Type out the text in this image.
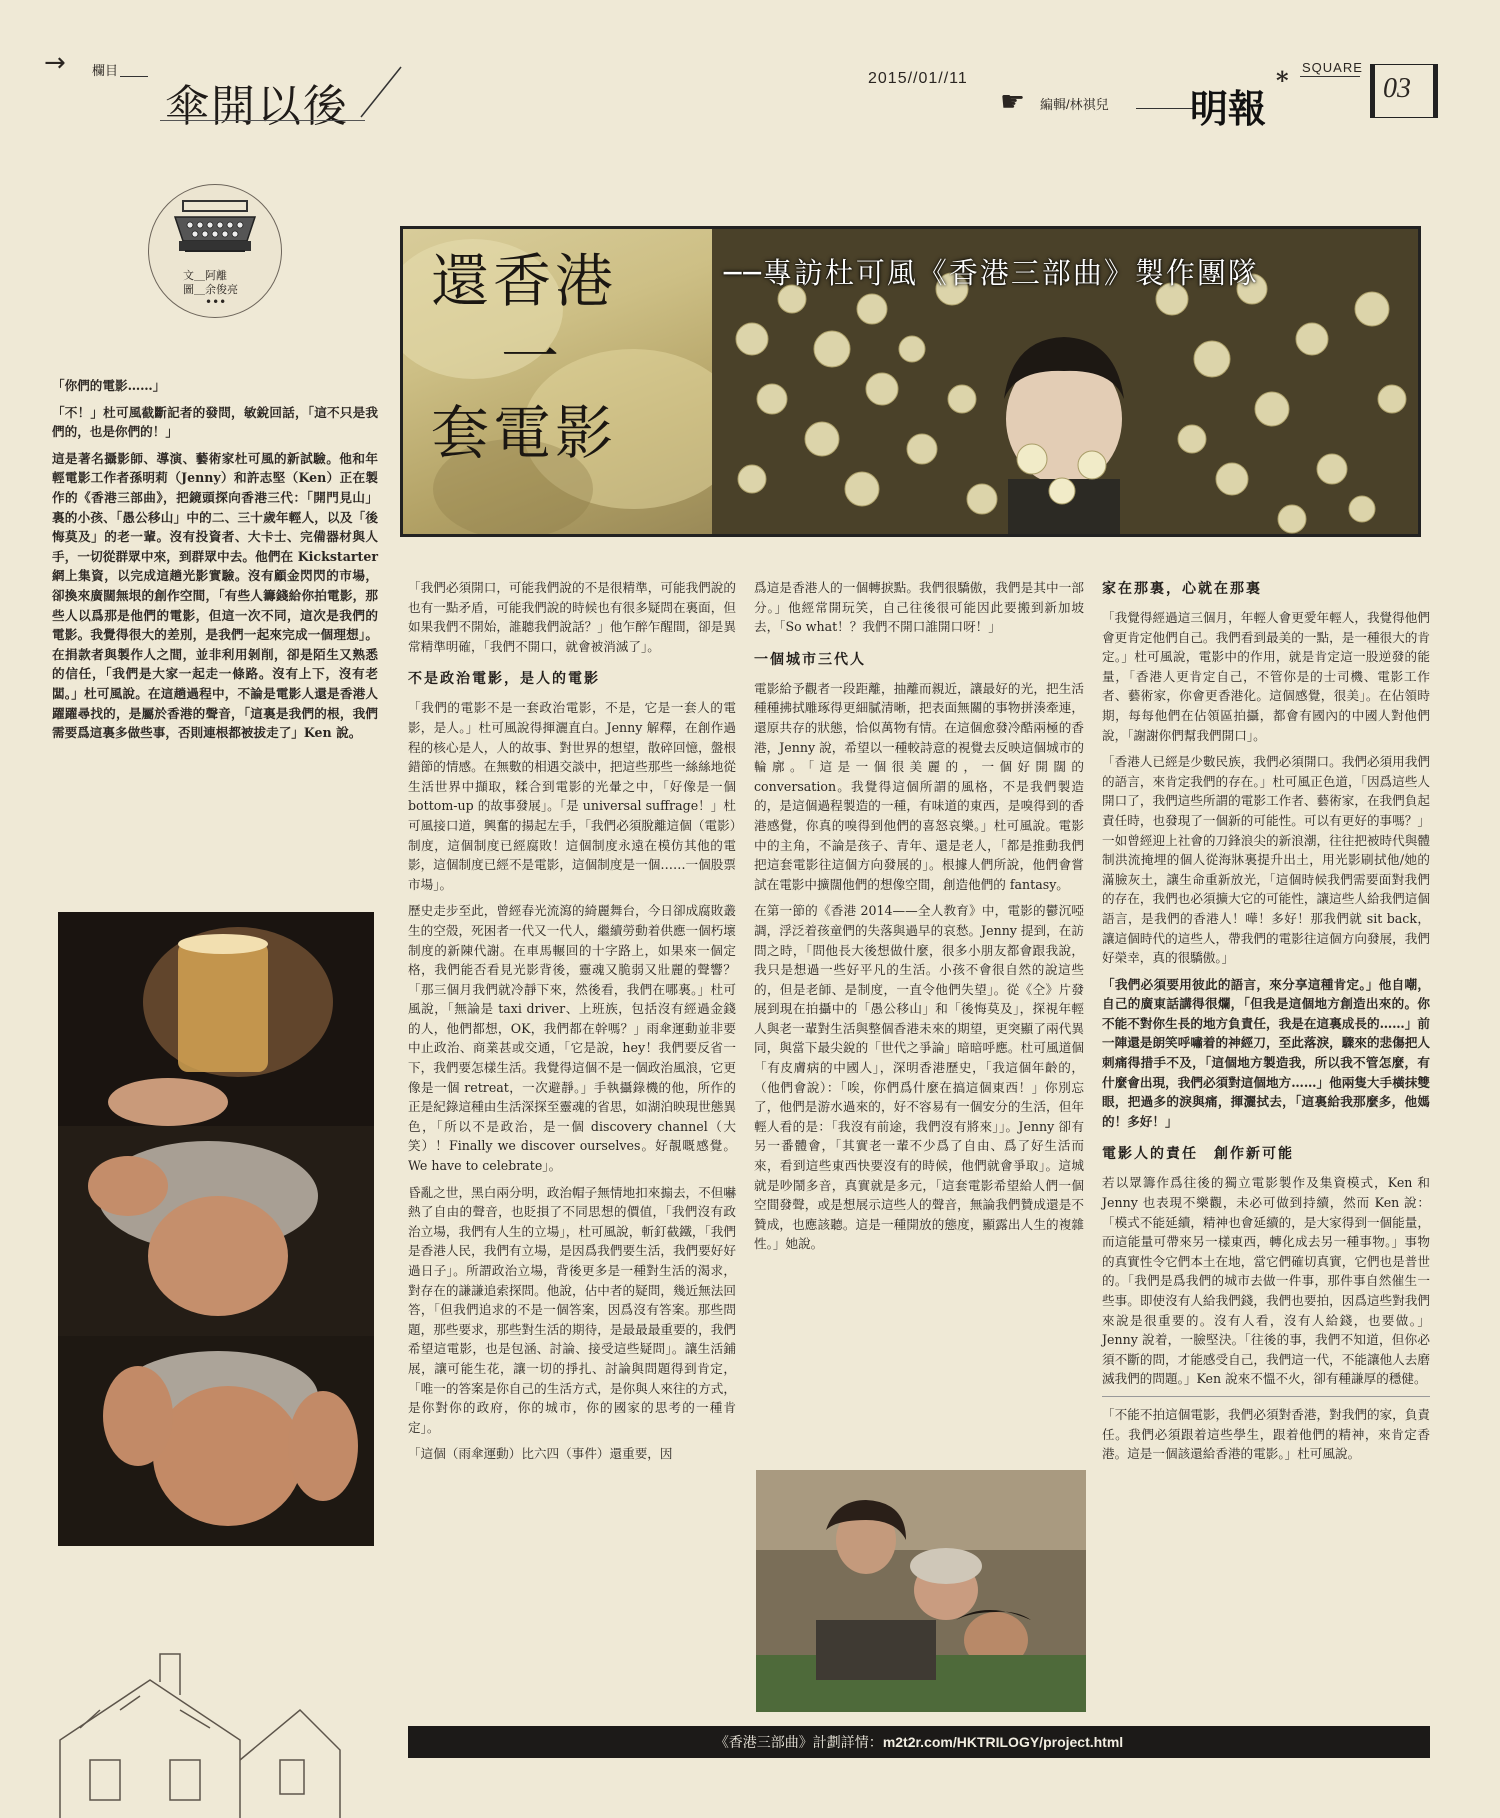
→ 欄目
傘開以後
2015//01//11
☛ 編輯/林祺兒 明報
* SQUARE
03
文＿阿離
圖＿余俊亮
•••	還香港
一
套電影
──專訪杜可風《香港三部曲》製作團隊

「你們的電影……」

「不！」杜可風截斷記者的發問，敏銳回話，「這不只是我們的，也是你們的！」

這是著名攝影師、導演、藝術家杜可風的新試驗。他和年輕電影工作者孫明莉（Jenny）和許志堅（Ken）正在製作的《香港三部曲》，把鏡頭探向香港三代：「開門見山」裏的小孩、「愚公移山」中的二、三十歲年輕人，以及「後悔莫及」的老一輩。沒有投資者、大卡士、完備器材與人手，一切從群眾中來，到群眾中去。他們在 Kickstarter 網上集資，以完成這趟光影實驗。沒有顧金閃閃的市場，卻換來廣闊無垠的創作空間，「有些人籌錢給你拍電影，那些人以爲那是他們的電影，但這一次不同，這次是我們的電影。我覺得很大的差別，是我們一起來完成一個理想」。在捐款者與製作人之間，並非利用剝削，卻是陌生又熟悉的信任，「我們是大家一起走一條路。沒有上下，沒有老闆。」杜可風說。在這趟過程中，不論是電影人還是香港人躍躍尋找的，是屬於香港的聲音，「這裏是我們的根，我們需要爲這裏多做些事，否則連根都被拔走了」Ken 說。

「我們必須開口，可能我們說的不是很精準，可能我們說的也有一點矛盾，可能我們說的時候也有很多疑問在裏面，但如果我們不開始，誰聽我們說話？」他乍醉乍醒間，卻是異常精準明確，「我們不開口，就會被消滅了」。

不是政治電影，是人的電影

「我們的電影不是一套政治電影，不是，它是一套人的電影，是人。」杜可風說得揮灑直白。Jenny 解釋，在創作過程的核心是人，人的故事、對世界的想望，散碎回憶，盤根錯節的情感。在無數的相遇交談中，把這些那些一絲絲地從生活世界中擷取，糅合到電影的光暈之中，「好像是一個 bottom-up 的故事發展」。「是 universal suffrage！」杜可風接口道，興奮的揚起左手，「我們必須脫離這個（電影）制度，這個制度已經腐敗！這個制度永遠在模仿其他的電影，這個制度已經不是電影，這個制度是一個……一個股票市場」。

歷史走步至此，曾經春光流瀉的綺麗舞台，今日卻成腐敗叢生的空殼，死困者一代又一代人，繼續勞動着供應一個朽壞制度的新陳代謝。在車馬輾回的十字路上，如果來一個定格，我們能否看見光影背後，靈魂又脆弱又壯麗的聲響？「那三個月我們就冷靜下來，然後看，我們在哪裏。」杜可風說，「無論是 taxi driver、上班族，包括沒有經過金錢的人，他們都想，OK，我們都在幹嗎？」雨傘運動並非要中止政治、商業甚或交通，「它是說，hey！我們要反省一下，我們要怎樣生活。我覺得這個不是一個政治風浪，它更像是一個 retreat，一次避靜。」手執攝錄機的他，所作的正是紀錄這種由生活深探至靈魂的省思，如湖泊映現世態異色，「所以不是政治，是一個 discovery channel（大笑）！Finally we discover ourselves。好靚嘅感覺。We have to celebrate」。

昏亂之世，黑白兩分明，政治帽子無情地扣來搧去，不但嚇熱了自由的聲音，也貶損了不同思想的價值，「我們沒有政治立場，我們有人生的立場」，杜可風說，斬釘截鐵，「我們是香港人民，我們有立場，是因爲我們要生活，我們要好好過日子」。所謂政治立場，背後更多是一種對生活的渴求，對存在的謙謙追索探問。他說，佔中者的疑問，幾近無法回答，「但我們追求的不是一個答案，因爲沒有答案。那些問題，那些要求，那些對生活的期待，是最最最重要的，我們希望這電影，也是包涵、討論、接受這些疑問」。讓生活鋪展，讓可能生花，讓一切的掙扎、討論與問題得到肯定，「唯一的答案是你自己的生活方式，是你與人來往的方式，是你對你的政府，你的城市，你的國家的思考的一種肯定」。

「這個（雨傘運動）比六四（事件）還重要，因

爲這是香港人的一個轉捩點。我們很驕傲，我們是其中一部分。」他經常開玩笑，自己往後很可能因此要搬到新加坡去，「So what！？我們不開口誰開口呀！」

一個城市三代人

電影給予觀者一段距離，抽離而親近，讓最好的光，把生活種種拂拭雕琢得更細膩清晰，把表面無關的事物拼湊牽連，還原共存的狀態，恰似萬物有情。在這個愈發冷酷兩極的香港，Jenny 說，希望以一種較詩意的視覺去反映這個城市的輪廓。「這是一個很美麗的，一個好開闊的 conversation。我覺得這個所謂的風格，不是我們製造的，是這個過程製造的一種，有味道的東西，是嗅得到的香港感覺，你真的嗅得到他們的喜怒哀樂。」杜可風說。電影中的主角，不論是孩子、青年、還是老人，「都是推動我們把這套電影往這個方向發展的」。根據人們所說，他們會嘗試在電影中擴闊他們的想像空間，創造他們的 fantasy。

在第一節的《香港 2014——全人教育》中，電影的鬱沉啞調，浮泛着孩童們的失落與過早的哀愁。Jenny 提到，在訪問之時，「問他長大後想做什麼，很多小朋友都會跟我說，我只是想過一些好平凡的生活。小孩不會很自然的說這些的，但是老師、是制度，一直令他們失望」。從《仝》片發展到現在拍攝中的「愚公移山」和「後悔莫及」，探視年輕人與老一輩對生活與整個香港未來的期望，更突顯了兩代異同，與當下最尖銳的「世代之爭論」暗暗呼應。杜可風道個「有皮膚病的中國人」，深明香港歷史，「我這個年齡的，（他們會說）：「唉，你們爲什麼在搞這個東西！」你別忘了，他們是游水過來的，好不容易有一個安分的生活，但年輕人看的是：「我沒有前途，我們沒有將來」」。Jenny 卻有另一番體會，「其實老一輩不少爲了自由、爲了好生活而來，看到這些東西快要沒有的時候，他們就會爭取」。這城就是吵鬧多音，真實就是多元，「這套電影希望給人們一個空間發聲，或是想展示這些人的聲音，無論我們贊成還是不贊成，也應該聽。這是一種開放的態度，顯露出人生的複雜性。」她說。

家在那裏，心就在那裏

「我覺得經過這三個月，年輕人會更愛年輕人，我覺得他們會更肯定他們自己。我們看到最美的一點，是一種很大的肯定。」杜可風說，電影中的作用，就是肯定這一股逆發的能量，「香港人更肯定自己，不管你是的士司機、電影工作者、藝術家，你會更香港化。這個感覺，很美」。在佔領時期，每每他們在佔領區拍攝，都會有國內的中國人對他們說，「謝謝你們幫我們開口」。

「香港人已經是少數民族，我們必須開口。我們必須用我們的語言，來肯定我們的存在。」杜可風正色道，「因爲這些人開口了，我們這些所謂的電影工作者、藝術家，在我們負起責任時，也發現了一個新的可能性。可以有更好的事嗎？」一如曾經迎上社會的刀鋒浪尖的新浪潮，往往把被時代與體制洪流掩埋的個人從海牀裏提升出土，用光影刷拭他/她的滿臉灰土，讓生命重新放光，「這個時候我們需要面對我們的存在，我們也必須擴大它的可能性，讓這些人給我們這個語言，是我們的香港人！嘩！多好！那我們就 sit back，讓這個時代的這些人，帶我們的電影往這個方向發展，我們好榮幸，真的很驕傲。」

「我們必須要用彼此的語言，來分享這種肯定。」他自嘲，自己的廣東話講得很爛，「但我是這個地方創造出來的。你不能不對你生長的地方負責任，我是在這裏成長的……」前一陣還是朗笑呼嘯着的神經刀，至此落淚，驟來的悲傷把人刺痛得措手不及，「這個地方製造我，所以我不管怎麼，有什麼會出現，我們必須對這個地方……」他兩隻大手橫抹雙眼，把過多的淚與痛，揮灑拭去，「這裏給我那麼多，他媽的！多好！」

電影人的責任　創作新可能

若以眾籌作爲往後的獨立電影製作及集資模式，Ken 和 Jenny 也表現不樂觀，未必可做到持續，然而 Ken 說：「模式不能延續，精神也會延續的，是大家得到一個能量，而這能量可帶來另一樣東西，轉化成去另一種事物。」事物的真實性令它們本土在地，當它們確切真實，它們也是普世的。「我們是爲我們的城市去做一件事，那件事自然催生一些事。即使沒有人給我們錢，我們也要拍，因爲這些對我們來說是很重要的。沒有人看，沒有人給錢，也要做。」Jenny 說着，一臉堅決。「往後的事，我們不知道，但你必須不斷的問，才能感受自己，我們這一代，不能讓他人去磨滅我們的問題。」Ken 說來不慍不火，卻有種謙厚的穩健。

「不能不拍這個電影，我們必須對香港，對我們的家，負責任。我們必須跟着這些學生，跟着他們的精神，來肯定香港。這是一個該還給香港的電影。」杜可風說。

《香港三部曲》計劃詳情： m2t2r.com/HKTRILOGY/project.html
